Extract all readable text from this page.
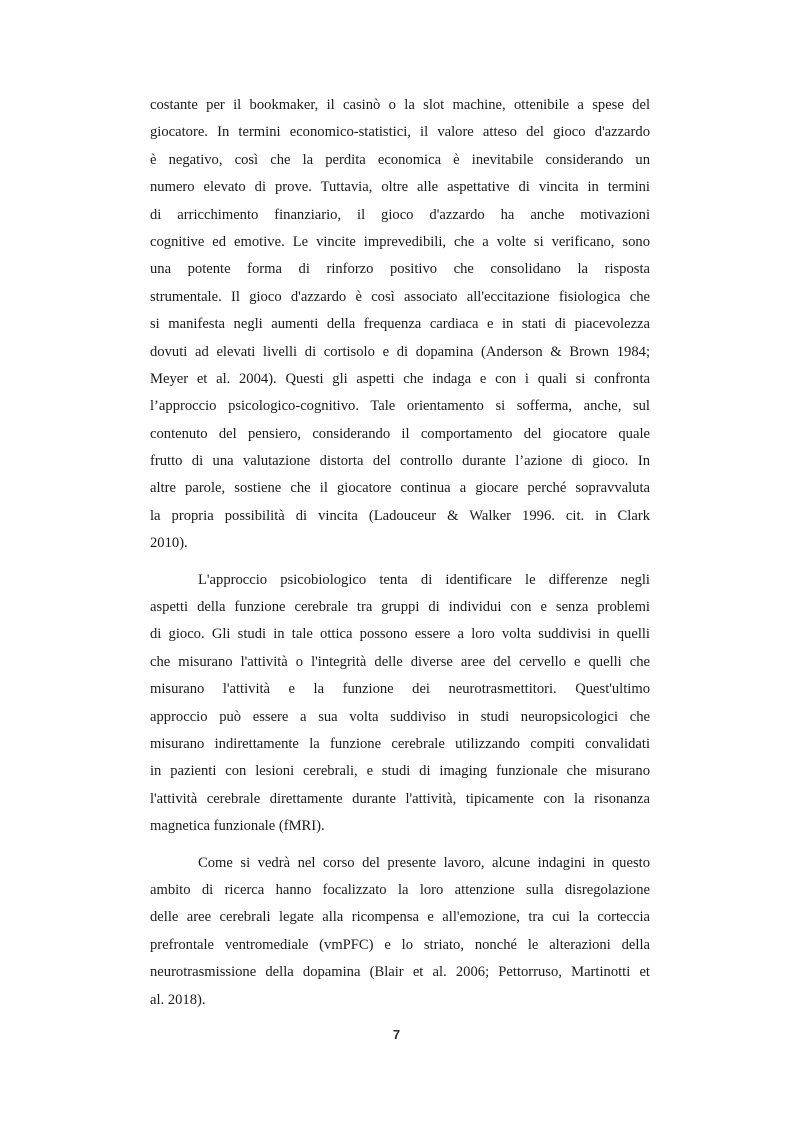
costante per il bookmaker, il casinò o la slot machine, ottenibile a spese del
giocatore. In termini economico-statistici, il valore atteso del gioco d'azzardo
è negativo, così che la perdita economica è inevitabile considerando un
numero elevato di prove. Tuttavia, oltre alle aspettative di vincita in termini
di arricchimento finanziario, il gioco d'azzardo ha anche motivazioni
cognitive ed emotive. Le vincite imprevedibili, che a volte si verificano, sono
una potente forma di rinforzo positivo che consolidano la risposta
strumentale. Il gioco d'azzardo è così associato all'eccitazione fisiologica che
si manifesta negli aumenti della frequenza cardiaca e in stati di piacevolezza
dovuti ad elevati livelli di cortisolo e di dopamina (Anderson & Brown 1984;
Meyer et al. 2004). Questi gli aspetti che indaga e con i quali si confronta
l’approccio psicologico-cognitivo. Tale orientamento si sofferma, anche, sul
contenuto del pensiero, considerando il comportamento del giocatore quale
frutto di una valutazione distorta del controllo durante l’azione di gioco. In
altre parole, sostiene che il giocatore continua a giocare perché sopravvaluta
la propria possibilità di vincita (Ladouceur & Walker 1996. cit. in Clark
2010).
L'approccio psicobiologico tenta di identificare le differenze negli
aspetti della funzione cerebrale tra gruppi di individui con e senza problemi
di gioco. Gli studi in tale ottica possono essere a loro volta suddivisi in quelli
che misurano l'attività o l'integrità delle diverse aree del cervello e quelli che
misurano l'attività e la funzione dei neurotrasmettitori. Quest'ultimo
approccio può essere a sua volta suddiviso in studi neuropsicologici che
misurano indirettamente la funzione cerebrale utilizzando compiti convalidati
in pazienti con lesioni cerebrali, e studi di imaging funzionale che misurano
l'attività cerebrale direttamente durante l'attività, tipicamente con la risonanza
magnetica funzionale (fMRI).
Come si vedrà nel corso del presente lavoro, alcune indagini in questo
ambito di ricerca hanno focalizzato la loro attenzione sulla disregolazione
delle aree cerebrali legate alla ricompensa e all'emozione, tra cui la corteccia
prefrontale ventromediale (vmPFC) e lo striato, nonché le alterazioni della
neurotrasmissione della dopamina (Blair et al. 2006; Pettorruso, Martinotti et
al. 2018).
7
